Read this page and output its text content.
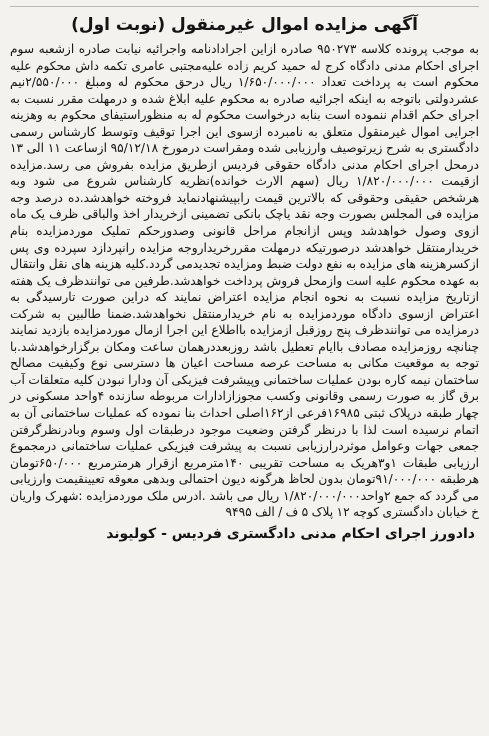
آگهی مزایده اموال غیرمنقول (نوبت اول)

به موجب پرونده کلاسه ۹۵۰۲۷۳ صادره ازاین اجرادادنامه واجرائیه نیابت صادره ازشعبه سوم اجرای احکام مدنی دادگاه کرج له حمید کریم زاده علیه‌مجتبی عامری تکمه داش محکوم علیه محکوم است به پرداخت تعداد ۱/۶۵۰/۰۰۰/۰۰۰ ریال درحق محکوم له ومبلغ ۲/۵۵۰/۰۰۰نیم عشردولتی باتوجه به اینکه اجرائیه صادره به محکوم علیه ابلاغ شده و درمهلت مقرر نسبت به اجرای حکم اقدام ننموده است بنابه درخواست محکوم له به منظوراستیفای محکوم به وهزینه اجرایی اموال غیرمنقول متعلق به نامبرده ازسوی این اجرا توقیف وتوسط کارشناس رسمی دادگستری به شرح زیرتوصیف وارزیابی شده ومقراست درمورخ ۹۵/۱۲/۱۸ ازساعت ۱۱ الی ۱۳ درمحل اجرای احکام مدنی دادگاه حقوقی فردیس ازطریق مزایده بفروش می رسد.مزایده ازقیمت ۱/۸۲۰/۰۰۰/۰۰۰ ریال (سهم الارث خوانده)نظریه کارشناس شروع می شود وبه هرشخص حقیقی وحقوقی که بالاترین قیمت رابپیشنهادنماید فروخته خواهدشد.ده درصد وجه مزایده فی المجلس بصورت وجه نقد یاچک بانکی تضمینی ازخریدار اخذ والباقی ظرف یک ماه ازوی وصول خواهدشد وپس ازانجام مراحل قانونی وصدورحکم تملیک موردمزایده بنام خریدارمنتقل خواهدشد درصورتیکه درمهلت مقررخریداروجه مزایده رانپردازد سپرده وی پس ازکسرهزینه های مزایده به نفع دولت ضبط ومزایده تجدیدمی گردد.کلیه هزینه های نقل وانتقال به عهده محکوم علیه است وازمحل فروش پرداخت خواهدشد.طرفین می توانندظرف یک هفته ازتاریخ مزایده نسبت به نحوه انجام مزایده اعتراض نمایند که دراین صورت تارسیدگی به اعتراض ازسوی دادگاه موردمزایده به نام خریدارمنتقل نخواهدشد.ضمنا طالبین به شرکت درمزایده می توانندظرف پنج روزقبل ازمزایده بااطلاع این اجرا ازمال موردمزایده بازدید نمایند چنانچه روزمزایده مصادف باایام تعطیل باشد روزبعددرهمان ساعت ومکان برگزارخواهدشد.با توجه به موقعیت مکانی به مساحت عرصه مساحت اعیان ها دسترسی نوع وکیفیت مصالح ساختمان نیمه کاره بودن عملیات ساختمانی وپیشرفت فیزیکی آن ودارا نبودن کلیه متعلقات آب برق گاز به صورت رسمی وقانونی وکسب مجوزازادارات مربوطه سازنده ۴واحد مسکونی در چهار طبقه درپلاک ثبتی ۱۶۹۸۵فرعی از۱۶۲اصلی احداث بنا نموده که عملیات ساختمانی آن به اتمام نرسیده است لذا با درنظر گرفتن وضعیت موجود درطبقات اول وسوم وبادرنظرگرفتن جمعی جهات وعوامل موثردرارزیابی نسبت به پیشرفت فیزیکی عملیات ساختمانی درمجموع ارزیابی طبقات ۱و۳هریک به مساحت تقریبی ۱۴۰مترمربع ازقرار هرمترمربع ۶۵۰/۰۰۰تومان هرطبقه ۹۱/۰۰۰/۰۰۰تومان بدون لحاظ هرگونه دیون احتمالی وبدهی معوقه تعیینقیمت وارزیابی می گردد که جمع ۲واحد۱/۸۲۰/۰۰۰/۰۰۰ ریال می باشد .ادرس ملک موردمزایده :شهرک واریان خ خیابان دادگستری کوچه ۱۲ پلاک ۵ ف / الف ۹۴۹۵

دادورز اجرای احکام مدنی دادگستری فردیس - کولیوند
